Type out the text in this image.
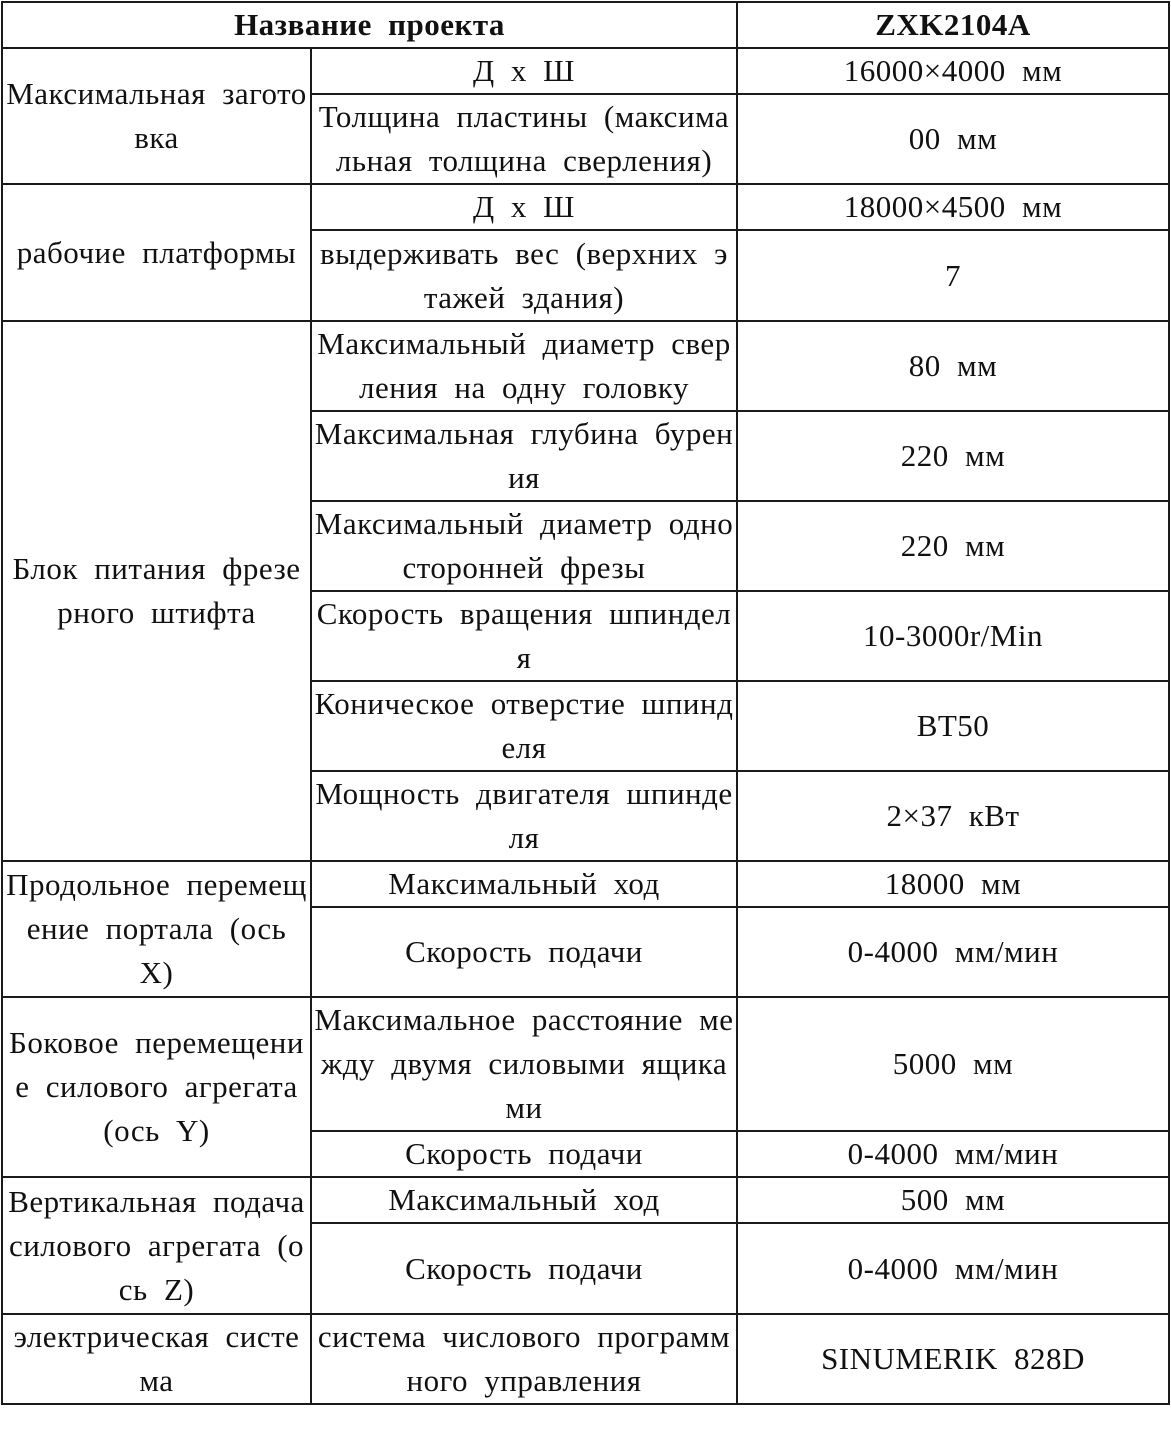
Название проекта		ZXK2104A
Максимальная заготовка	Д х Ш	16000×4000 мм
	Толщина пластины (максимальная толщина сверления)	00 мм
рабочие платформы	Д х Ш	18000×4500 мм
	выдерживать вес (верхних этажей здания)	7
Блок питания фрезерного штифта	Максимальный диаметр сверления на одну головку	80 мм
	Максимальная глубина бурения	220 мм
	Максимальный диаметр односторонней фрезы	220 мм
	Скорость вращения шпинделя	10-3000r/Min
	Коническое отверстие шпинделя	BT50
	Мощность двигателя шпинделя	2×37 кВт
Продольное перемещение портала (ось X)	Максимальный ход	18000 мм
	Скорость подачи	0-4000 мм/мин
Боковое перемещение силового агрегата (ось Y)	Максимальное расстояние между двумя силовыми ящиками	5000 мм
	Скорость подачи	0-4000 мм/мин
Вертикальная подача силового агрегата (ось Z)	Максимальный ход	500 мм
	Скорость подачи	0-4000 мм/мин
электрическая система	система числового программного управления	SINUMERIK 828D
